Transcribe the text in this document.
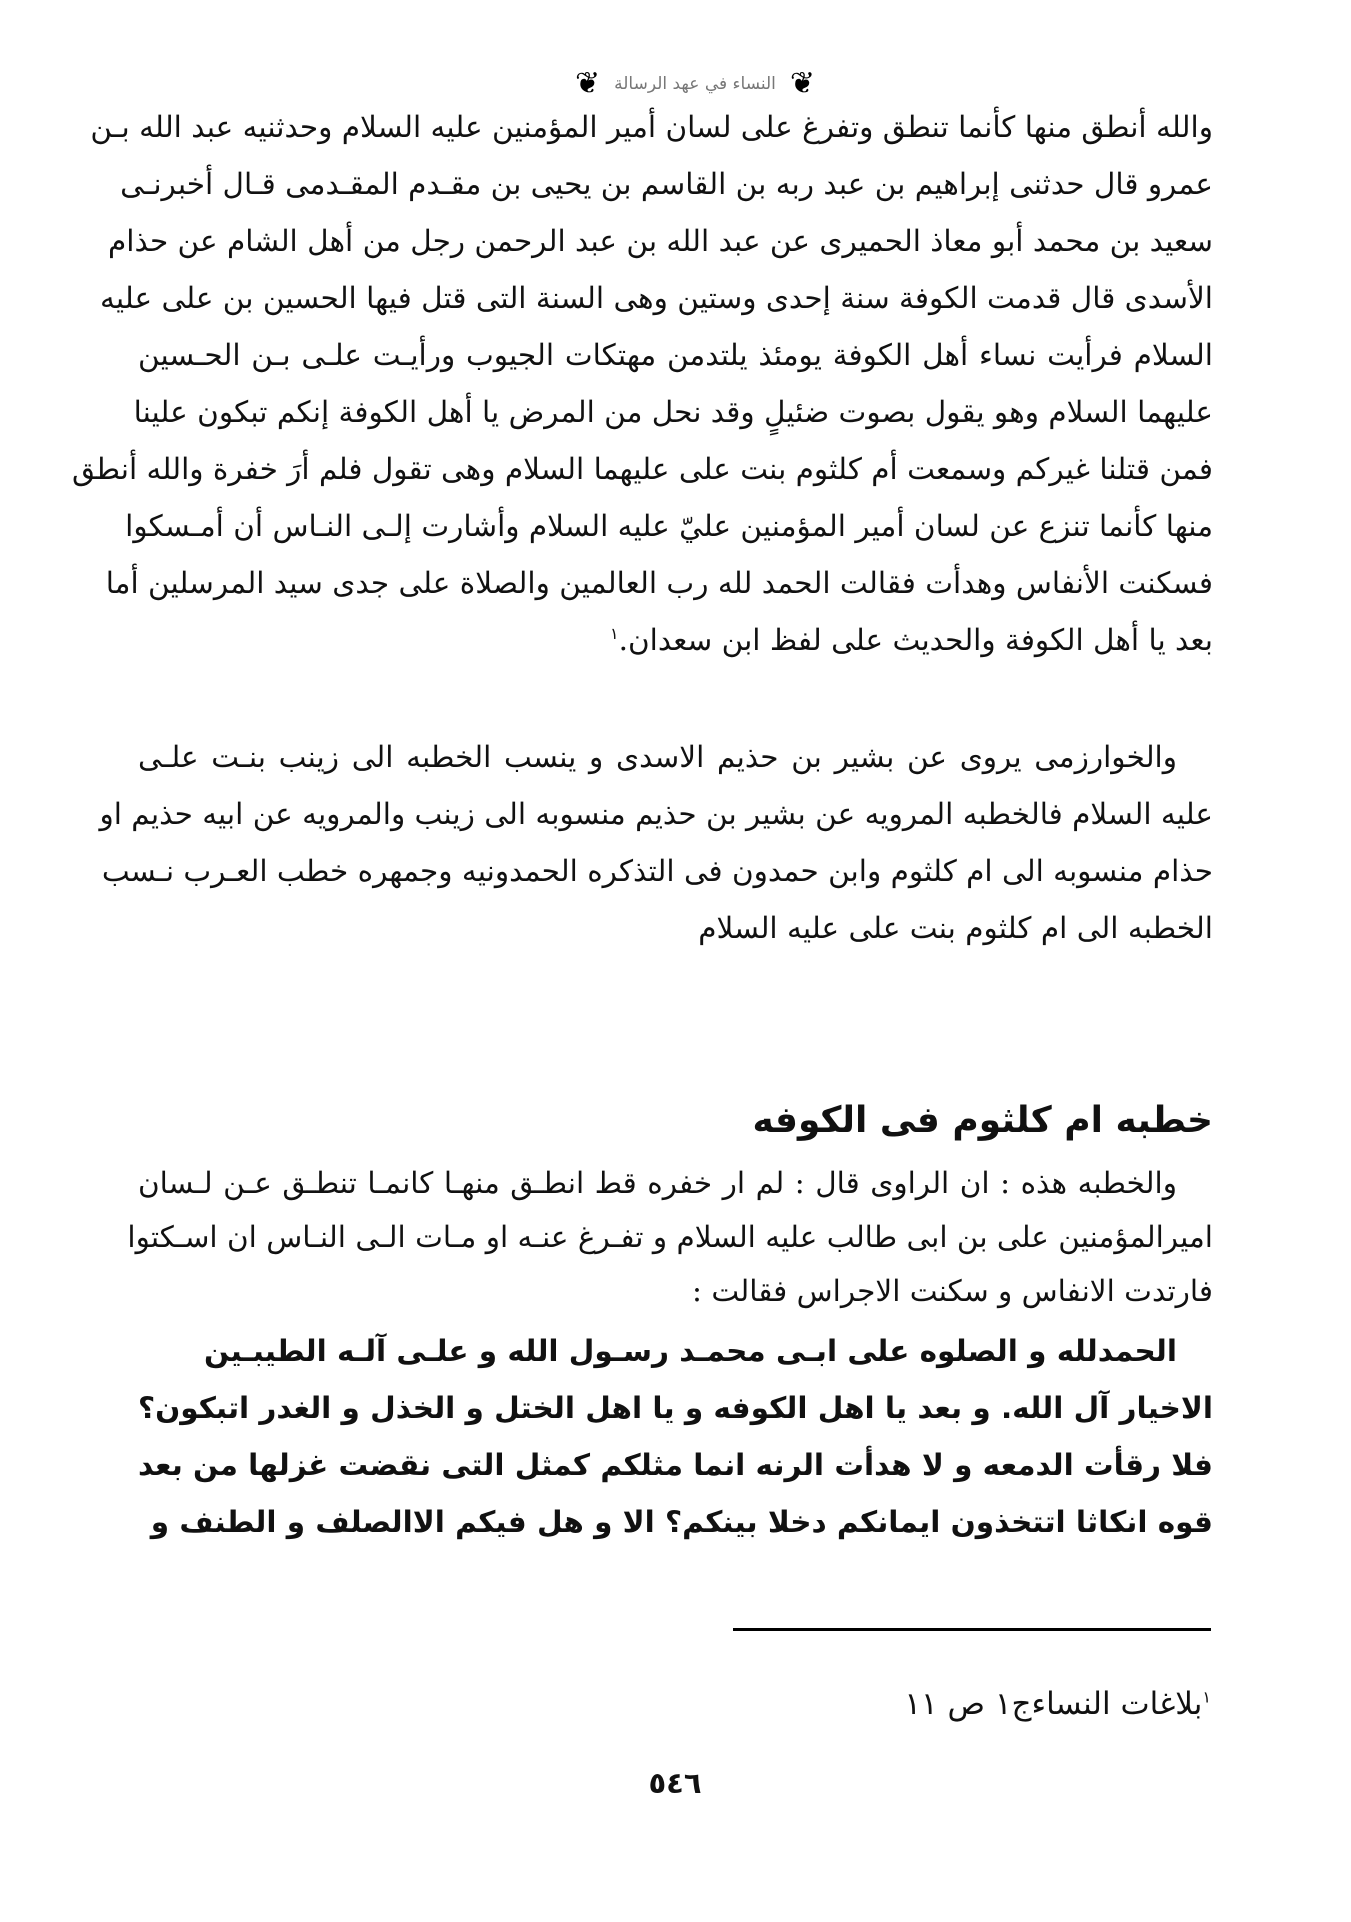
❦
النساء في عهد الرسالة
❦
والله أنطق منها كأنما تنطق وتفرغ على لسان أمير المؤمنين عليه السلام وحدثنيه عبد الله بـن
عمرو قال حدثنى إبراهيم بن عبد ربه بن القاسم بن يحيى بن مقـدم المقـدمى قـال أخبرنـى
سعيد بن محمد أبو معاذ الحميرى عن عبد الله بن عبد الرحمن رجل من أهل الشام عن حذام
الأسدى قال قدمت الكوفة سنة إحدى وستين وهى السنة التى قتل فيها الحسين بن على عليه
السلام فرأيت نساء أهل الكوفة يومئذ يلتدمن مهتكات الجيوب ورأيـت علـى بـن الحـسين
عليهما السلام وهو يقول بصوت ضئيلٍ وقد نحل من المرض يا أهل الكوفة إنكم تبكون علينا
فمن قتلنا غيركم وسمعت أم كلثوم بنت على عليهما السلام وهى تقول فلم أرَ خفرة والله أنطق
منها كأنما تنزع عن لسان أمير المؤمنين عليّ عليه السلام وأشارت إلـى النـاس أن أمـسكوا
فسكنت الأنفاس وهدأت فقالت الحمد لله رب العالمين والصلاة على جدى سيد المرسلين أما
بعد يا أهل الكوفة والحديث على لفظ ابن سعدان.$^١$
والخوارزمى يروى عن بشير بن حذيم الاسدى و ينسب الخطبه الى زينب بنـت علـى
عليه السلام فالخطبه المرويه عن بشير بن حذيم منسوبه الى زينب والمرويه عن ابيه حذيم او
حذام منسوبه الى ام كلثوم وابن حمدون فى التذكره الحمدونيه وجمهره خطب العـرب نـسب
الخطبه الى ام كلثوم بنت على عليه السلام
خطبه ام كلثوم فى الكوفه
والخطبه هذه : ان الراوى قال : لم ار خفره قط انطـق منهـا كانمـا تنطـق عـن لـسان
اميرالمؤمنين على بن ابى طالب عليه السلام و تفـرغ عنـه او مـات الـى النـاس ان اسـكتوا
فارتدت الانفاس و سكنت الاجراس فقالت :
الحمدلله و الصلوه على ابـى محمـد رسـول الله و علـى آلـه الطيبـين
الاخيار آل الله. و بعد يا اهل الكوفه و يا اهل الختل و الخذل و الغدر اتبكون؟
فلا رقأت الدمعه و لا هدأت الرنه انما مثلكم كمثل التى نقضت غزلها من بعد
قوه انكاثا اتتخذون ايمانكم دخلا بينكم؟ الا و هل فيكم الاالصلف و الطنف و
$^١$بلاغات النساءج١ ص ١١
٥٤٦
